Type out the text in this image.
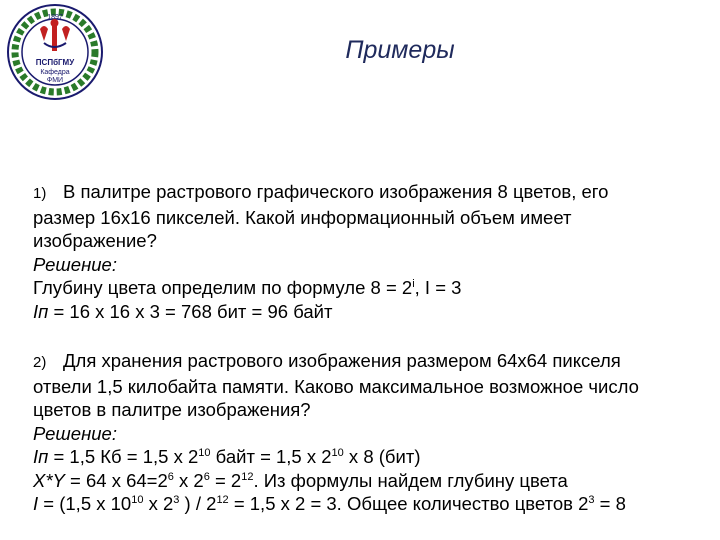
1897
ПСПбГМУ
Кафедра
ФМИ
Примеры

1) В палитре растрового графического изображения 8 цветов, его

размер 16х16 пикселей. Какой информационный объем имеет

изображение?

Решение:

Глубину цвета определим по формуле $8 = 2^i$, I = 3

Iп = 16 х 16 х 3 = 768 бит = 96 байт

2) Для хранения растрового изображения размером 64х64 пикселя

отвели 1,5 килобайта памяти. Каково максимальное возможное число

цветов в палитре изображения?

Решение:

Iп = 1,5 Кб = 1,5 х $2^{10}$ байт = 1,5 х $2^{10}$ х 8 (бит)

X*Y = 64 х $64=2^6$ х $2^6 = 2^{12}$. Из формулы найдем глубину цвета

I = (1,5 х $10^{10}$ х $2^3$ ) / $2^{12} = 1,5$ х 2 = 3. Общее количество цветов $2^3 = 8$
